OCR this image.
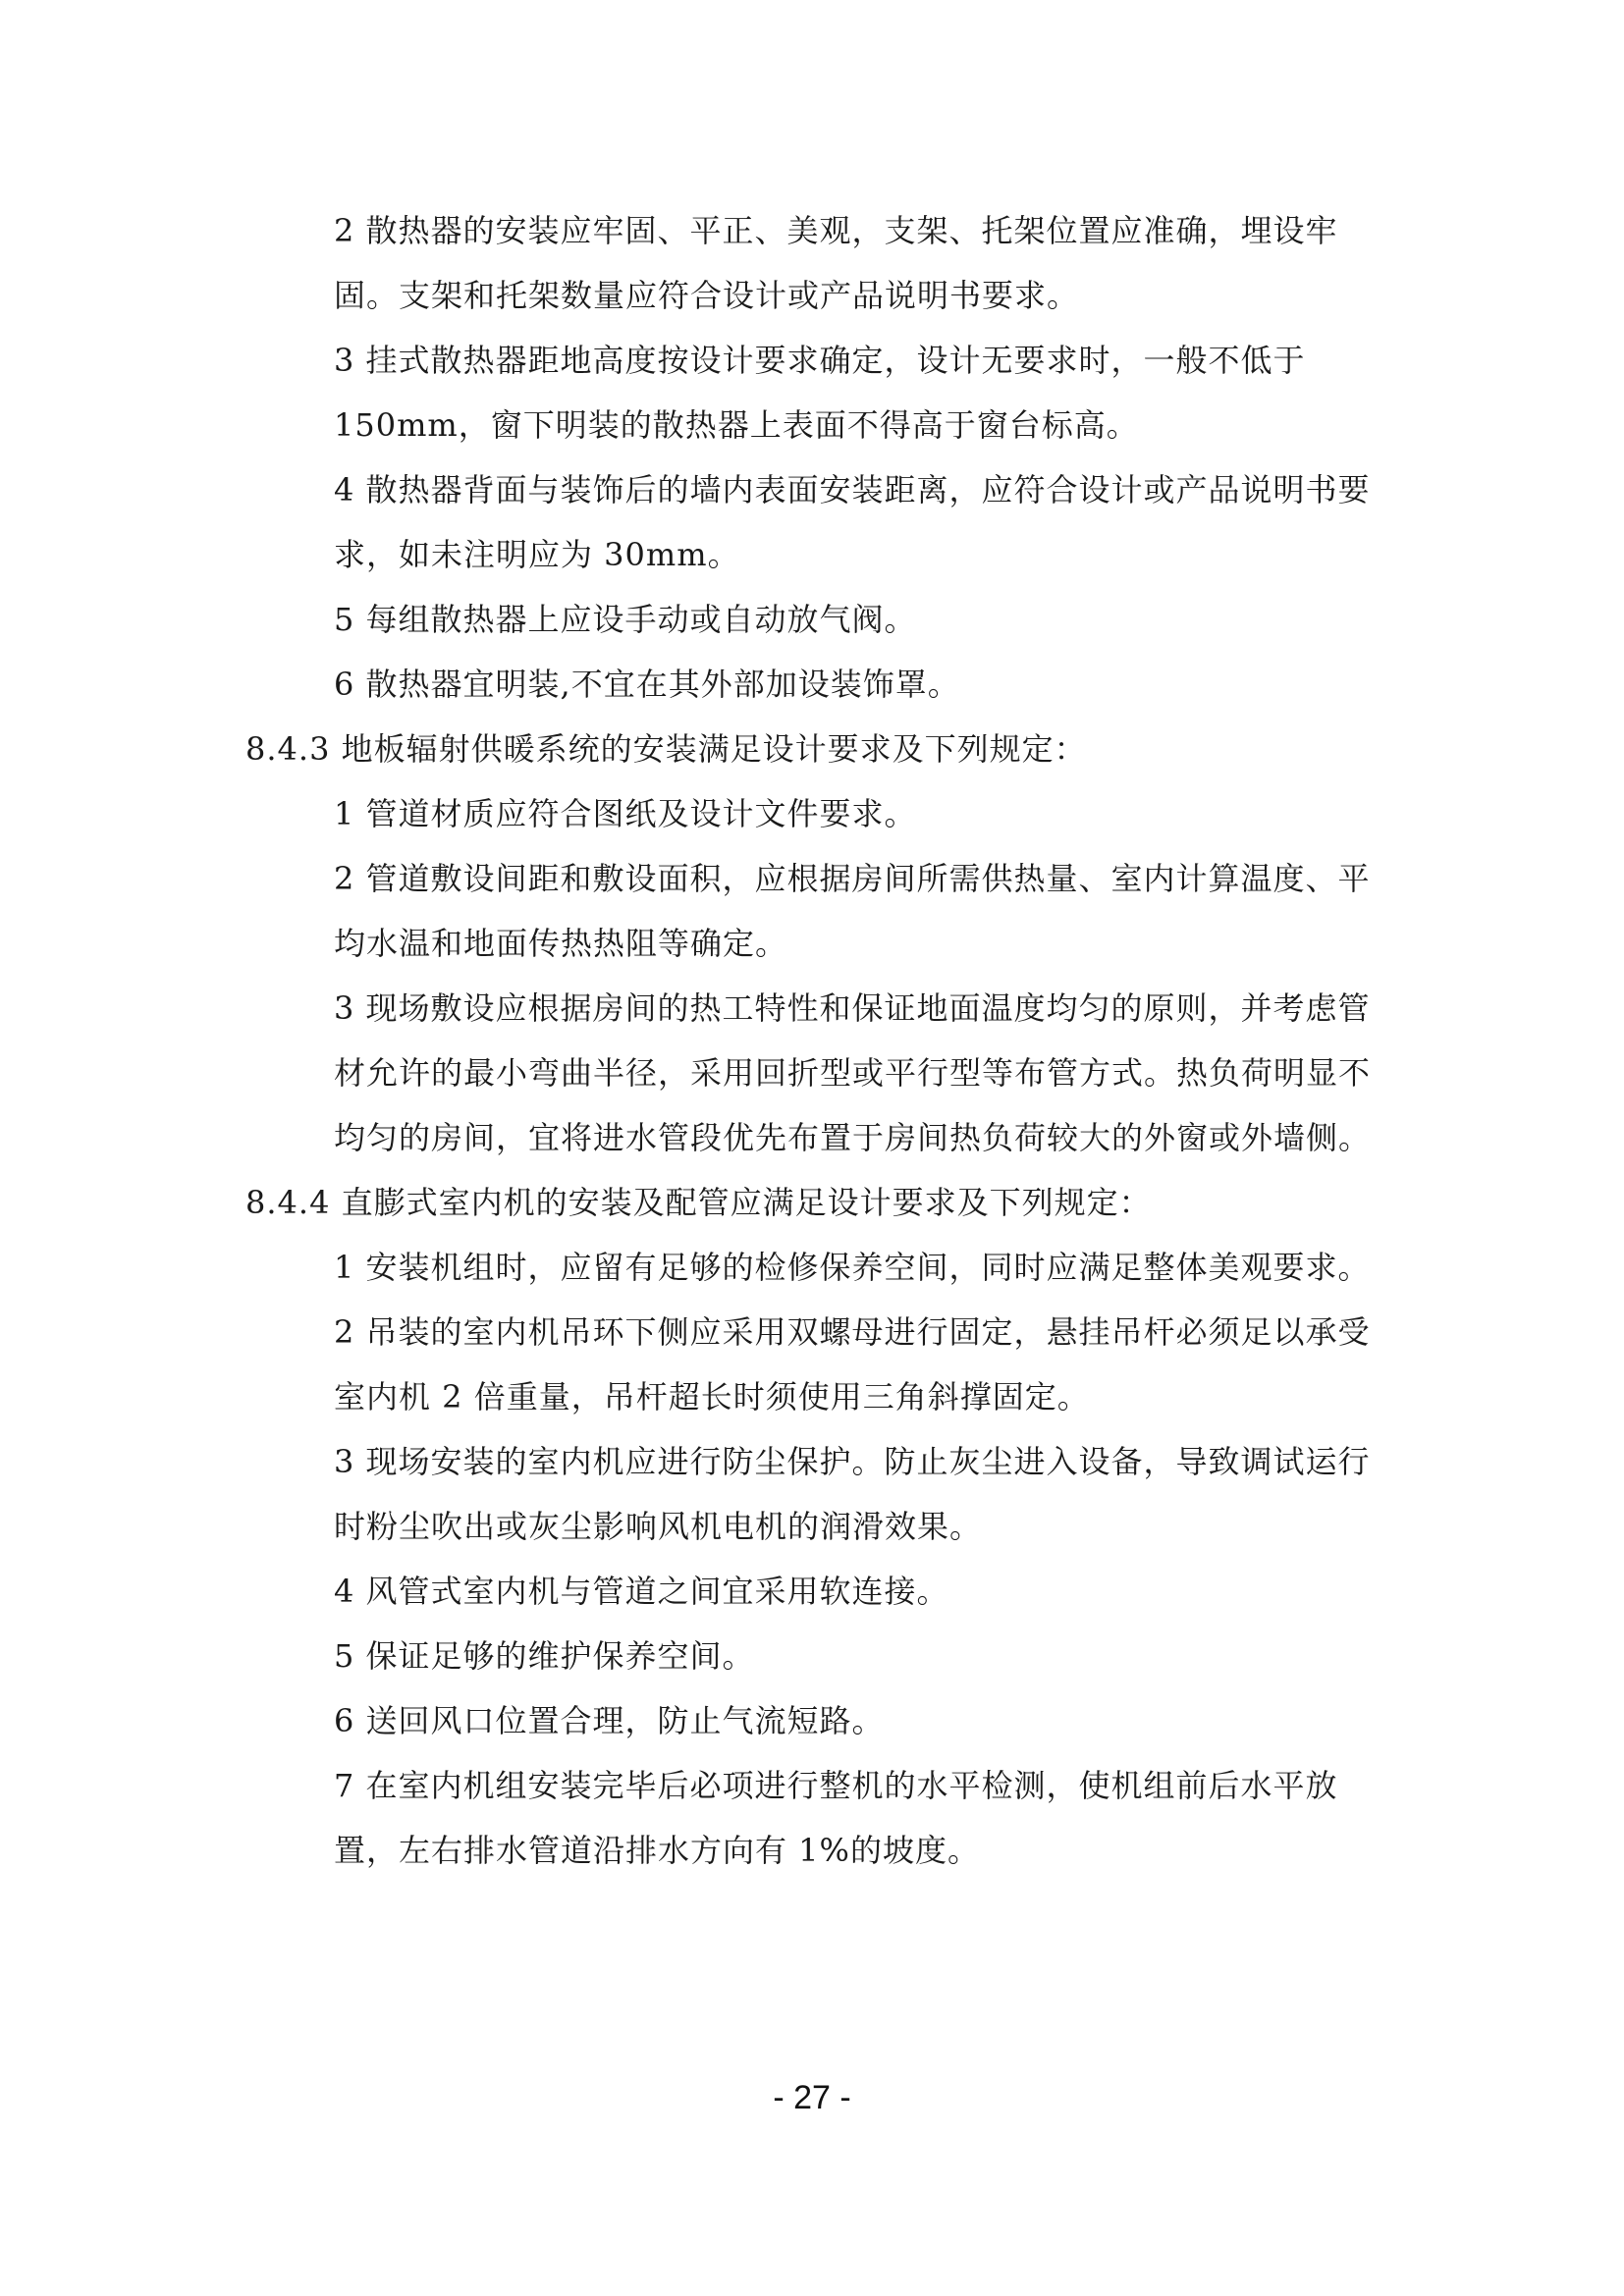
2 散热器的安装应牢固、平正、美观，支架、托架位置应准确，埋设牢
固。支架和托架数量应符合设计或产品说明书要求。
3 挂式散热器距地高度按设计要求确定，设计无要求时，一般不低于
150mm，窗下明装的散热器上表面不得高于窗台标高。
4 散热器背面与装饰后的墙内表面安装距离，应符合设计或产品说明书要
求，如未注明应为 30mm。
5 每组散热器上应设手动或自动放气阀。
6 散热器宜明装,不宜在其外部加设装饰罩。
8.4.3 地板辐射供暖系统的安装满足设计要求及下列规定：
1 管道材质应符合图纸及设计文件要求。
2 管道敷设间距和敷设面积，应根据房间所需供热量、室内计算温度、平
均水温和地面传热热阻等确定。
3 现场敷设应根据房间的热工特性和保证地面温度均匀的原则，并考虑管
材允许的最小弯曲半径，采用回折型或平行型等布管方式。热负荷明显不
均匀的房间，宜将进水管段优先布置于房间热负荷较大的外窗或外墙侧。
8.4.4 直膨式室内机的安装及配管应满足设计要求及下列规定：
1 安装机组时，应留有足够的检修保养空间，同时应满足整体美观要求。
2 吊装的室内机吊环下侧应采用双螺母进行固定，悬挂吊杆必须足以承受
室内机 2 倍重量，吊杆超长时须使用三角斜撑固定。
3 现场安装的室内机应进行防尘保护。防止灰尘进入设备，导致调试运行
时粉尘吹出或灰尘影响风机电机的润滑效果。
4 风管式室内机与管道之间宜采用软连接。
5 保证足够的维护保养空间。
6 送回风口位置合理，防止气流短路。
7 在室内机组安装完毕后必项进行整机的水平检测，使机组前后水平放
置，左右排水管道沿排水方向有 1%的坡度。
- 27 -
